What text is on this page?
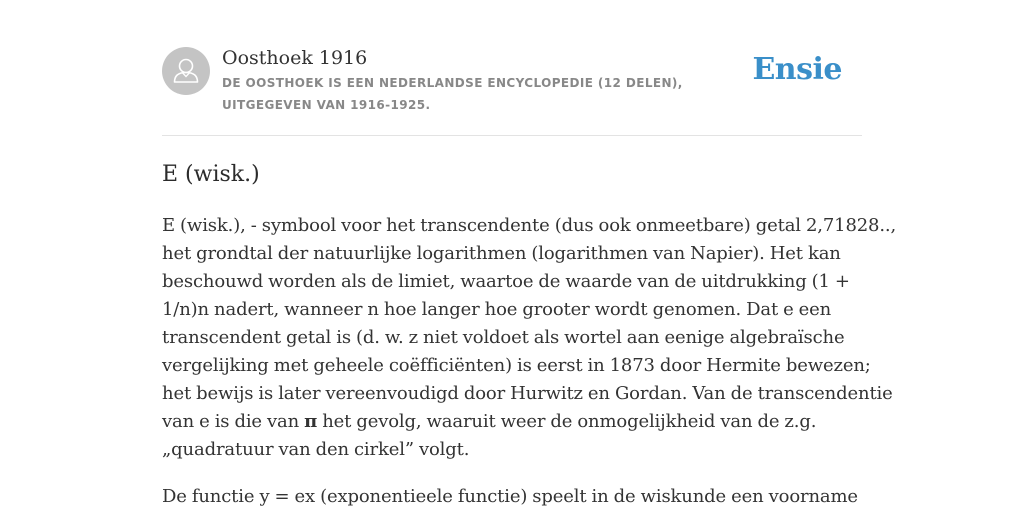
Oosthoek 1916
DE OOSTHOEK IS EEN NEDERLANDSE ENCYCLOPEDIE (12 DELEN), UITGEGEVEN VAN 1916-1925.
Ensie
E (wisk.)

E (wisk.), - symbool voor het transcendente (dus ook onmeetbare) getal 2,71828..,
het grondtal der natuurlijke logarithmen (logarithmen van Napier). Het kan
beschouwd worden als de limiet, waartoe de waarde van de uitdrukking (1 +
1/n)n nadert, wanneer n hoe langer hoe grooter wordt genomen. Dat e een
transcendent getal is (d. w. z niet voldoet als wortel aan eenige algebraïsche
vergelijking met geheele coëfficiënten) is eerst in 1873 door Hermite bewezen;
het bewijs is later vereenvoudigd door Hurwitz en Gordan. Van de transcendentie
van e is die van π het gevolg, waaruit weer de onmogelijkheid van de z.g.
„quadratuur van den cirkel” volgt.

De functie y = ex (exponentieele functie) speelt in de wiskunde een voorname
